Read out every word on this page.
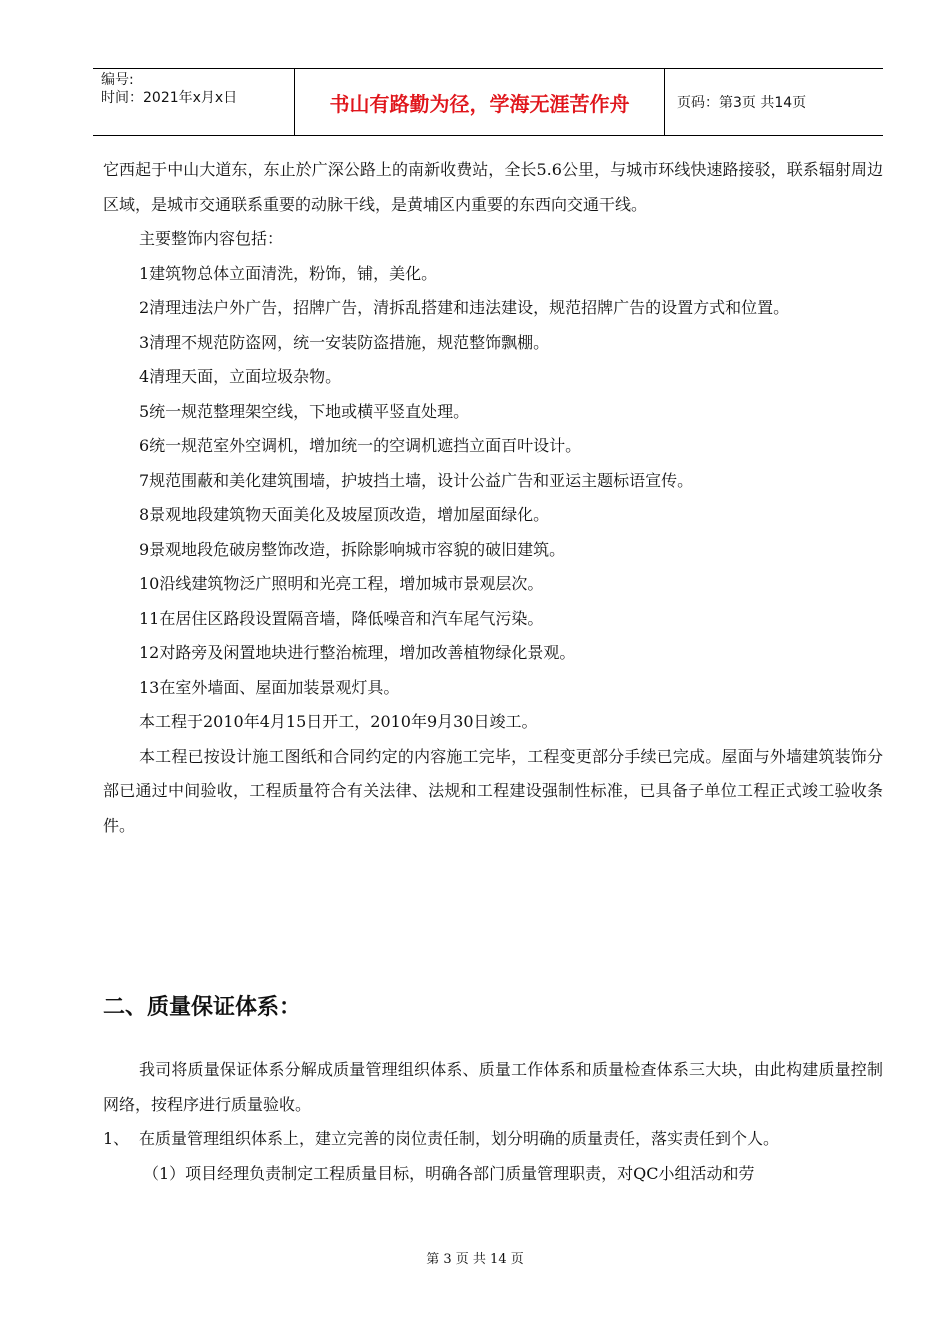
编号:
时间：2021年x月x日	书山有路勤为径，学海无涯苦作舟	页码：第3页 共14页

它西起于中山大道东，东止於广深公路上的南新收费站，全长5.6公里，与城市环线快速路接驳，联系辐射周边区域，是城市交通联系重要的动脉干线，是黄埔区内重要的东西向交通干线。

主要整饰内容包括：

1建筑物总体立面清洗，粉饰，铺，美化。

2清理违法户外广告，招牌广告，清拆乱搭建和违法建设，规范招牌广告的设置方式和位置。

3清理不规范防盗网，统一安装防盗措施，规范整饰飘棚。

4清理天面，立面垃圾杂物。

5统一规范整理架空线，下地或横平竖直处理。

6统一规范室外空调机，增加统一的空调机遮挡立面百叶设计。

7规范围蔽和美化建筑围墙，护坡挡土墙，设计公益广告和亚运主题标语宣传。

8景观地段建筑物天面美化及坡屋顶改造，增加屋面绿化。

9景观地段危破房整饰改造，拆除影响城市容貌的破旧建筑。

10沿线建筑物泛广照明和光亮工程，增加城市景观层次。

11在居住区路段设置隔音墙，降低噪音和汽车尾气污染。

12对路旁及闲置地块进行整治梳理，增加改善植物绿化景观。

13在室外墙面、屋面加装景观灯具。

本工程于2010年4月15日开工，2010年9月30日竣工。

本工程已按设计施工图纸和合同约定的内容施工完毕，工程变更部分手续已完成。屋面与外墙建筑装饰分部已通过中间验收，工程质量符合有关法律、法规和工程建设强制性标准，已具备子单位工程正式竣工验收条件。

二、质量保证体系：

我司将质量保证体系分解成质量管理组织体系、质量工作体系和质量检查体系三大块，由此构建质量控制网络，按程序进行质量验收。

1、 在质量管理组织体系上，建立完善的岗位责任制，划分明确的质量责任，落实责任到个人。

（1）项目经理负责制定工程质量目标，明确各部门质量管理职责，对QC小组活动和劳

第 3 页 共 14 页
